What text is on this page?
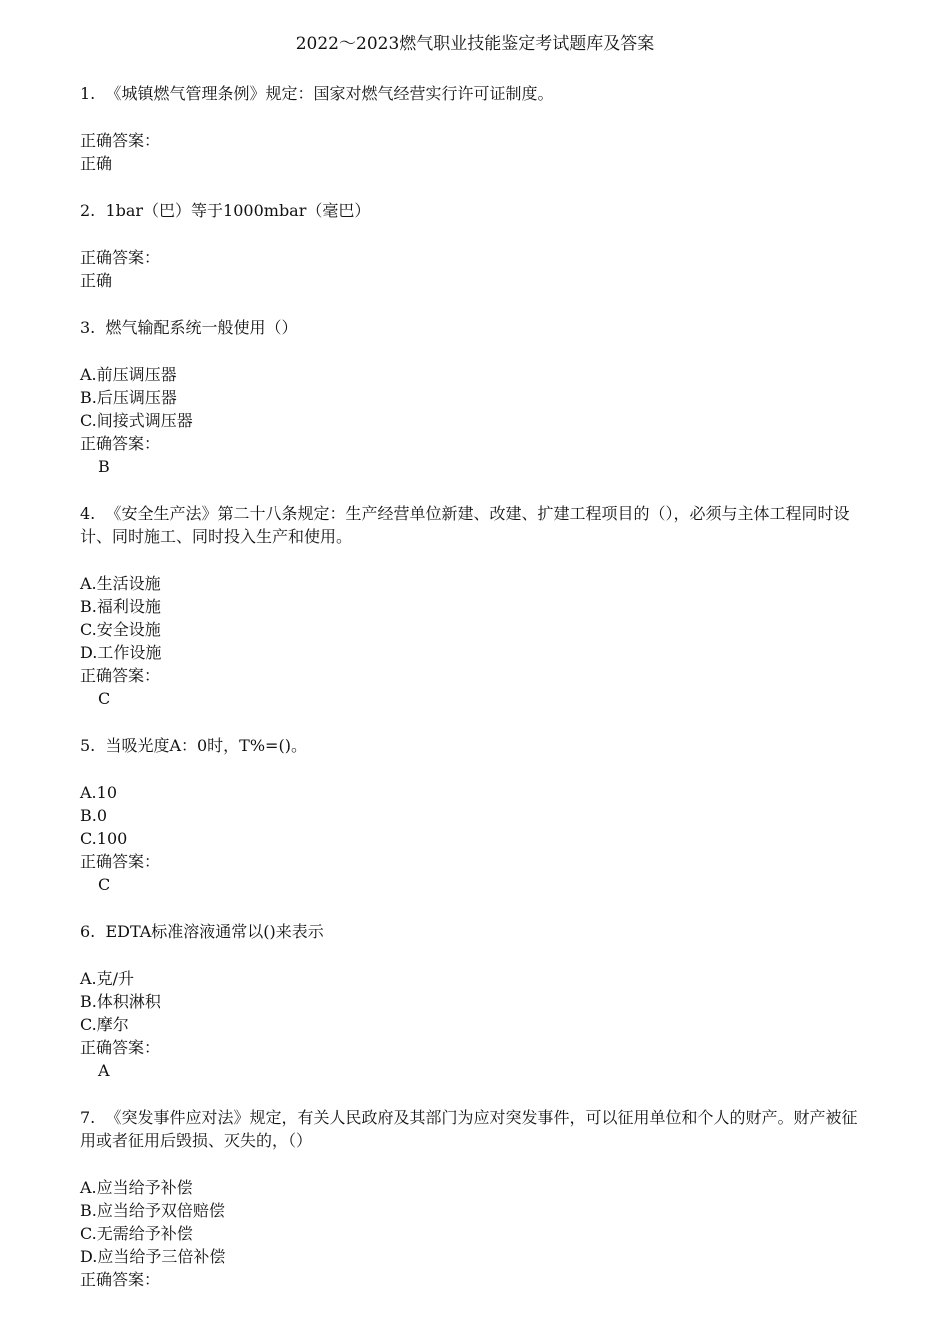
2022～2023燃气职业技能鉴定考试题库及答案

1.  《城镇燃气管理条例》规定：国家对燃气经营实行许可证制度。

正确答案：

正确

2.  1bar（巴）等于1000mbar（毫巴）

正确答案：

正确

3.  燃气输配系统一般使用（）

A.前压调压器

B.后压调压器

C.间接式调压器

正确答案：

B

4.  《安全生产法》第二十八条规定：生产经营单位新建、改建、扩建工程项目的（），必须与主体工程同时设计、同时施工、同时投入生产和使用。

A.生活设施

B.福利设施

C.安全设施

D.工作设施

正确答案：

C

5.  当吸光度A：0时，T%=()。

A.10

B.0

C.100

正确答案：

C

6.  EDTA标准溶液通常以()来表示

A.克/升

B.体积淋积

C.摩尔

正确答案：

A

7.  《突发事件应对法》规定，有关人民政府及其部门为应对突发事件，可以征用单位和个人的财产。财产被征用或者征用后毁损、灭失的，（）

A.应当给予补偿

B.应当给予双倍赔偿

C.无需给予补偿

D.应当给予三倍补偿

正确答案：
